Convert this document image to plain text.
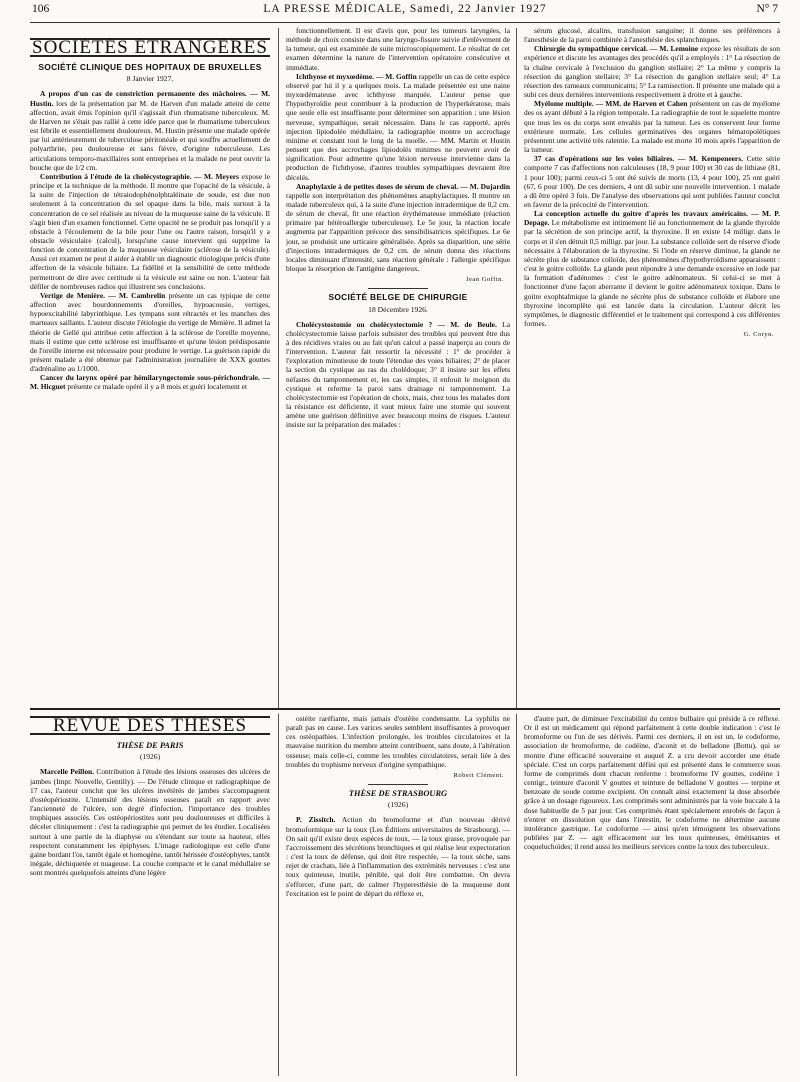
106	LA PRESSE MÉDICALE, Samedi, 22 Janvier 1927	N° 7
SOCIÉTÉS ÉTRANGÈRES
SOCIÉTÉ CLINIQUE DES HOPITAUX DE BRUXELLES
8 Janvier 1927.

A propos d'un cas de constriction permanente des mâchoires. — M. Hustin. lors de la présentation par M. de Harven d'un malade atteint de cette affection, avait émis l'opinion qu'il s'agissait d'un rhumatisme tuberculeux. M. de Harven ne s'était pas rallié à cette idée parce que le rhumatisme tuberculeux est fébrile et essentiellement douloureux. M. Hustin présente une malade opérée par lui antérieurement de tuberculose péritonéale et qui souffre actuellement de polyarthrite, peu douloureuse et sans fièvre, d'origine tuberculeuse. Les articulations temporo-maxillaires sont entreprises et la malade ne peut ouvrir la bouche que de 1/2 cm.

Contribution à l'étude de la cholécystographie. — M. Meyers expose le principe et la technique de la méthode. Il montre que l'opacité de la vésicule, à la suite de l'injection de tétraiodophénolphtaléinate de soude, est due non seulement à la concentration du sel opaque dans la bile, mais surtout à la concentration de ce sel réalisée au niveau de la muqueuse saine de la vésicule. Il s'agit bien d'un examen fonctionnel. Cette opacité ne se produit pas lorsqu'il y a obstacle à l'écoulement de la bile pour l'une ou l'autre raison, lorsqu'il y a obstacle vésiculaire (calcul), lorsqu'une cause intervient qui supprime la fonction de concentration de la muqueuse vésiculaire (sclérose de la vésicule). Aussi cet examen ne peut il aider à établir un diagnostic étiologique précis d'une affection de la vésicule biliaire. La fidélité et la sensibilité de cette méthode permettront de dire avec certitude si la vésicule est saine ou non. L'auteur fait défiler de nombreuses radios qui illustrent ses conclusions.

Vertige de Menière. — M. Cambrelin présente un cas typique de cette affection avec bourdonnements d'oreilles, hypoacousie, vertiges, hypoexcitabilité labyrinthique. Les tympans sont rétractés et les manches des marteaux saillants. L'auteur discute l'étiologie du vertige de Menière. Il admet la théorie de Gellé qui attribue cette affection à la sclérose de l'oreille moyenne, mais il estime que cette sclérose est insuffisante et qu'une lésion prédisposante de l'oreille interne est nécessaire pour produire le vertige. La guérison rapide du présent malade a été obtenue par l'administration journalière de XXX gouttes d'adrénaline au 1/1000.

Cancer du larynx opéré par hémilaryngectomie sous-périchondrale. — M. Hicguet présente ce malade opéré il y a 8 mois et guéri localement et

fonctionnellement. Il est d'avis que, pour les tumeurs laryngées, la méthode de choix consiste dans une laryngo-fissure suivie d'enlèvement de la tumeur, qui est examinée de suite microscopiquement. Le résultat de cet examen détermine la nature de l'intervention opératoire consécutive et immédiate.

Ichthyose et myxœdème. — M. Goffin rappelle un cas de cette espèce observé par lui il y a quelques mois. La malade présentée est une naine myxœdémateuse avec ichthyose marquée. L'auteur pense que l'hypothyroïdie peut contribuer à la production de l'hyperkératose, mais que seule elle est insuffisante pour déterminer son apparition : une lésion nerveuse, sympathique, serait nécessaire. Dans le cas rapporté, après injection lipiodolée médullaire, la radiographie montre un accrochage minime et constant tout le long de la moelle. — MM. Martin et Hustin pensent que des accrochages lipiodolés minimes ne peuvent avoir de signification. Pour admettre qu'une lésion nerveuse intervienne dans la production de l'ichthyose, d'autres troubles sympathiques devraient être décelés.

Anaphylaxie à de petites doses de sérum de cheval. — M. Dujardin rappelle son interprétation des phénomènes anaphylactiques. Il montre un malade tuberculeux qui, à la suite d'une injection intradermique de 0,2 cm. de sérum de cheval, fit une réaction érythémateuse immédiate (réaction primaire par hétéroallergie tuberculeuse). Le 5e jour, la réaction locale augmenta par l'apparition précoce des sensibilisatrices spécifiques. Le 6e jour, se produisit une urticaire généralisée. Après sa disparition, une série d'injections intradermiques de 0,2 cm. de sérum donna des réactions locales diminuant d'intensité, sans réaction générale : l'allergie spécifique bloque la résorption de l'antigène dangereux.

Jean Goffin.
SOCIÉTÉ BELGE DE CHIRURGIE
18 Décembre 1926.

Cholécystostomie ou cholécystectomie ? — M. de Beule. La cholécystectomie laisse parfois subsister des troubles qui peuvent être dus à des récidives vraies ou au fait qu'un calcul a passé inaperçu au cours de l'intervention. L'auteur fait ressortir la nécessité : 1° de procéder à l'exploration minutieuse de toute l'étendue des voies biliaires; 2° de placer la section du cystique au ras du cholédoque; 3° il insiste sur les effets néfastes du tamponnement et, les cas simples, il enfouit le moignon du cystique et referme la paroi sans drainage ni tamponnement. La cholécystectomie est l'opération de choix, mais, chez tous les malades dont la résistance est déficiente, il vaut mieux faire une stomie qui souvent amène une guérison définitive avec beaucoup moins de risques. L'auteur insiste sur la préparation des malades :

sérum glucosé, alcalins, transfusion sanguine; il donne ses préférences à l'anesthésie de la paroi combinée à l'anesthésie des splanchniques.

Chirurgie du sympathique cervical. — M. Lemoine expose les résultats de son expérience et discute les avantages des procédés qu'il a employés : 1° La résection de la chaîne cervicale à l'exclusion du ganglion stellaire; 2° La même y compris la résection du ganglion stellaire; 3° La résection du ganglion stellaire seul; 4° La résection des rameaux communicants; 5° La ramisection. Il présente une malade qui a subi ces deux dernières interventions respectivement à droite et à gauche.

Myélome multiple. — MM. de Harven et Cahen présentent un cas de myélome des os ayant débuté à la région temporale. La radiographie de tout le squelette montre que tous les os du corps sont envahis par la tumeur. Les os conservent leur forme extérieure normale. Les cellules germinatives des organes hématopoïétiques présentent une activité très ralentie. La malade est morte 10 mois après l'apparition de la tumeur.

37 cas d'opérations sur les voies biliaires. — M. Kempeneers. Cette série comporte 7 cas d'affections non calculeuses (18, 9 pour 100) et 30 cas de lithiase (81, 1 pour 100); parmi ceux-ci 5 ont été suivis de morts (13, 4 pour 100), 25 ont guéri (67, 6 pour 100). De ces derniers, 4 ont dû subir une nouvelle intervention. 1 malade a dû être opéré 3 fois. De l'analyse des observations qui sont publiées l'auteur conclut en faveur de la précocité de l'intervention.

La conception actuelle du goitre d'après les travaux américains. — M. P. Depage. Le métabolisme est intimement lié au fonctionnement de la glande thyroïde par la sécrétion de son principe actif, la thyroxine. Il en existe 14 milligr. dans le corps et il s'en détruit 0,5 milligr. par jour. La substance colloïde sert de réserve d'iode nécessaire à l'élaboration de la thyroxine. Si l'iode en réserve diminue, la glande ne sécrète plus de substance colloïde, des phénomènes d'hypothyroïdisme apparaissent : c'est le goitre colloïde. La glande peut répondre à une demande excessive en iode par la formation d'adénomes : c'est le goitre adénomateux. Si celui-ci se met à fonctionner d'une façon aberrante il devient le goitre adénomateux toxique. Dans le goitre exophtalmique la glande ne sécrète plus de substance colloïde et élabore une thyroxine incomplète qui est lancée dans la circulation. L'auteur décrit les symptômes, le diagnostic différentiel et le traitement qui correspond à ces différentes formes.

G. Coryn.
REVUE DES THÈSES
THÈSE DE PARIS
(1926)

Marcelle Peillon. Contribution à l'étude des lésions osseuses des ulcères de jambes (Impr. Nouvelle, Gentilly). — De l'étude clinique et radiographique de 17 cas, l'auteur conclut que les ulcères invétérés de jambes s'accompagnent d'ostéopériostite. L'intensité des lésions osseuses paraît en rapport avec l'ancienneté de l'ulcère, son degré d'infection, l'importance des troubles trophiques associés. Ces ostéopériostites sont peu douloureuses et difficiles à déceler cliniquement : c'est la radiographie qui permet de les étudier. Localisées surtout à une partie de la diaphyse ou s'étendant sur toute sa hauteur, elles respectent constamment les épiphyses. L'image radiologique est celle d'une gaine bordant l'os, tantôt égale et homogène, tantôt hérissée d'ostéophytes, tantôt inégale, déchiquetée et nuageuse. La couche compacte et le canal médullaire se sont montrés quelquefois atteints d'une légère

ostéite raréfiante, mais jamais d'ostéite condensante. La syphilis ne paraît pas en cause. Les varices seules semblent insuffisantes à provoquer ces ostéopathies. L'infection prolongée, les troubles circulatoires et la mauvaise nutrition du membre atteint contribuent, sans doute, à l'altération osseuse; mais celle-ci, comme les troubles circulatoires, serait liée à des troubles du trophisme nerveux d'origine sympathique.

Robert Clément.
THÈSE DE STRASBOURG
(1926)

P. Zissitch. Action du bromoforme et d'un nouveau dérivé bromoformique sur la toux (Les Éditions universitaires de Strasbourg). — On sait qu'il existe deux espèces de toux, — la toux grasse, provoquée par l'accroissement des sécrétions bronchiques et qui réalise leur expectoration : c'est la toux de défense, qui doit être respectée, — la toux sèche, sans rejet de crachats, liée à l'inflammation des extrémités nerveuses : c'est une toux quinteuse, inutile, pénible, qui doit être combattue. On devra s'efforcer, d'une part, de calmer l'hyperesthésie de la muqueuse dont l'excitation est le point de départ du réflexe et,

d'autre part, de diminuer l'excitabilité du centre bulbaire qui préside à ce réflexe. Or il est un médicament qui répond parfaitement à cette double indication : c'est le bromoforme ou l'un de ses dérivés. Parmi ces derniers, il en est un, le codoforme, association de bromoforme, de codéine, d'aconit et de belladone (Bottu), qui se montre d'une efficacité souveraine et auquel Z. a cru devoir accorder une étude spéciale. C'est un corps parfaitement défini qui est présenté dans le commerce sous forme de comprimés dont chacun renferme : bromoforme IV gouttes, codéine 1 centigr., teinture d'aconit V gouttes et teinture de belladone V gouttes — terpine et benzoate de soude comme excipient. On connaît ainsi exactement la dose absorbée grâce à un dosage rigoureux. Les comprimés sont administrés par la voie buccale à la dose habituelle de 5 par jour. Ces comprimés étant spécialement enrobés de façon à n'entrer en dissolution que dans l'intestin, le codoforme ne détermine aucune intolérance gastrique. Le codoforme — ainsi qu'en témoignent les observations publiées par Z. — agit efficacement sur les toux quinteuses, émétisantes et coqueluchoïdes; il rend aussi les meilleurs services contre la toux des tuberculeux.
